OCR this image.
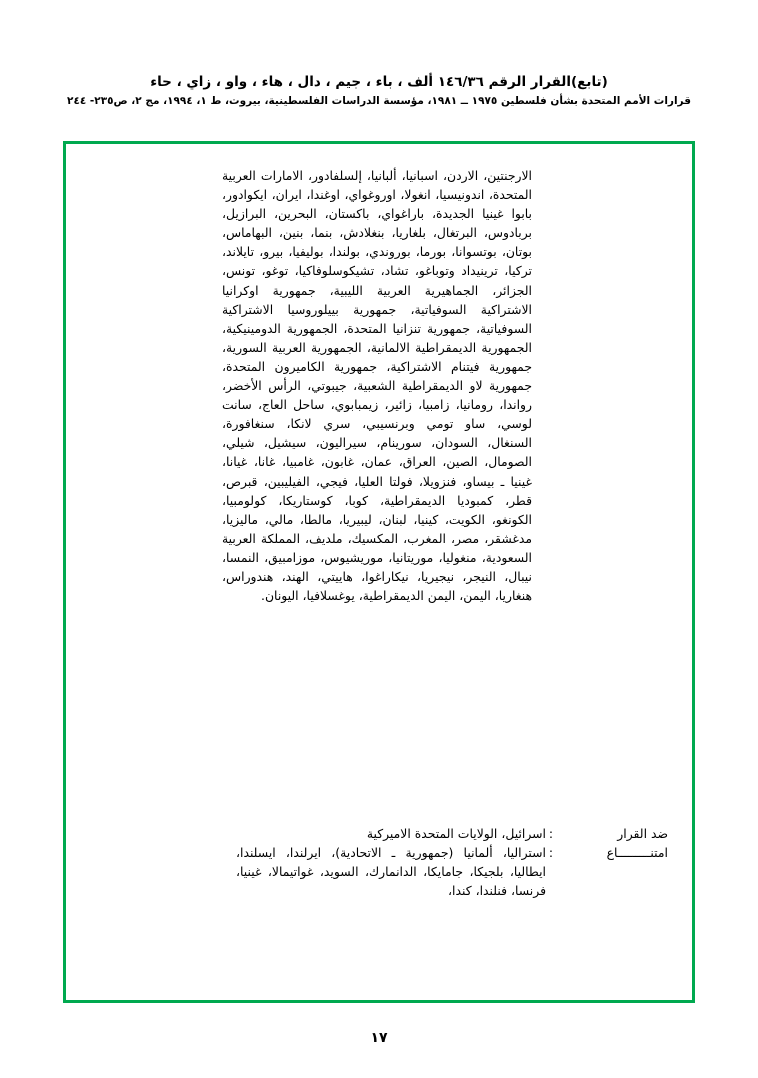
(تابع)القرار الرقم ١٤٦/٣٦ ألف ، باء ، جيم ، دال ، هاء ، واو ، زاي ، حاء
قرارات الأمم المتحدة بشأن فلسطين ١٩٧٥ ــ ١٩٨١، مؤسسة الدراسات الفلسطينية، بيروت، ط ١، ١٩٩٤، مج ٢، ص٢٣٥- ٢٤٤

الارجنتين، الاردن، اسبانيا، ألبانيا، إلسلفادور، الامارات العربية المتحدة، اندونيسيا، انغولا، اوروغواي، اوغندا، ايران، ايكوادور، بابوا غينيا الجديدة، باراغواي، باكستان، البحرين، البرازيل، بربادوس، البرتغال، بلغاريا، بنغلادش، بنما، بنين، البهاماس، بوتان، بوتسوانا، بورما، بوروندي، بولندا، بوليفيا، بيرو، تايلاند، تركيا، ترينيداد وتوباغو، تشاد، تشيكوسلوفاكيا، توغو، تونس، الجزائر، الجماهيرية العربية الليبية، جمهورية اوكرانيا الاشتراكية السوفياتية، جمهورية بييلوروسيا الاشتراكية السوفياتية، جمهورية تنزانيا المتحدة، الجمهورية الدومينيكية، الجمهورية الديمقراطية الالمانية، الجمهورية العربية السورية، جمهورية فيتنام الاشتراكية، جمهورية الكاميرون المتحدة، جمهورية لاو الديمقراطية الشعبية، جيبوتي، الرأس الأخضر، رواندا، رومانيا، زامبيا، زائير، زيمبابوي، ساحل العاج، سانت لوسي، ساو تومي وبرنسيبي، سري لانكا، سنغافورة، السنغال، السودان، سورينام، سيراليون، سيشيل، شيلي، الصومال، الصين، العراق، عمان، غابون، غامبيا، غانا، غيانا، غينيا ـ بيساو، فنزويلا، فولتا العليا، فيجي، الفيليبين، قبرص، قطر، كمبوديا الديمقراطية، كوبا، كوستاريكا، كولومبيا، الكونغو، الكويت، كينيا، لبنان، ليبيريا، مالطا، مالي، ماليزيا، مدغشقر، مصر، المغرب، المكسيك، ملديف، المملكة العربية السعودية، منغوليا، موريتانيا، موريشيوس، موزامبيق، النمسا، نيبال، النيجر، نيجيريا، نيكاراغوا، هاييتي، الهند، هندوراس، هنغاريا، اليمن، اليمن الديمقراطية، يوغسلافيا، اليونان.

ضد القرار
:

اسرائيل، الولايات المتحدة الاميركية

امتنـــــــــاع
:

استراليا، ألمانيا (جمهورية ـ الاتحادية)، ايرلندا، ايسلندا، ايطاليا، بلجيكا، جامايكا، الدانمارك، السويد، غواتيمالا، غينيا، فرنسا، فنلندا، كندا،

١٧
